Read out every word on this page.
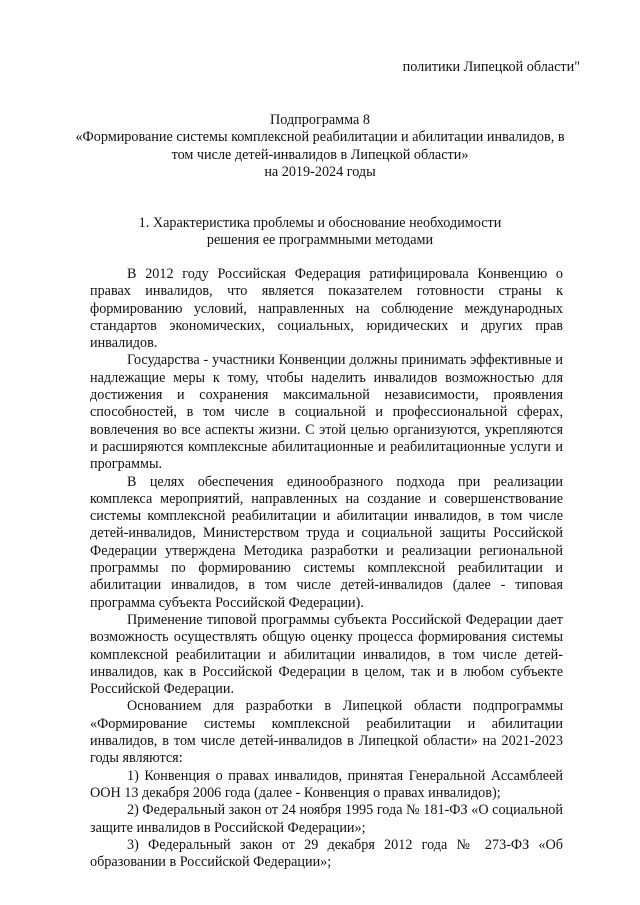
политики Липецкой области"

Подпрограмма 8

«Формирование системы комплексной реабилитации и абилитации инвалидов, в

том числе детей-инвалидов в Липецкой области»

на 2019-2024 годы

1. Характеристика проблемы и обоснование необходимости

решения ее программными методами

В 2012 году Российская Федерация ратифицировала Конвенцию о правах инвалидов, что является показателем готовности страны к формированию условий, направленных на соблюдение международных стандартов экономических, социальных, юридических и других прав инвалидов.

Государства - участники Конвенции должны принимать эффективные и надлежащие меры к тому, чтобы наделить инвалидов возможностью для достижения и сохранения максимальной независимости, проявления способностей, в том числе в социальной и профессиональной сферах, вовлечения во все аспекты жизни. С этой целью организуются, укрепляются и расширяются комплексные абилитационные и реабилитационные услуги и программы.

В целях обеспечения единообразного подхода при реализации комплекса мероприятий, направленных на создание и совершенствование системы комплексной реабилитации и абилитации инвалидов, в том числе детей-инвалидов, Министерством труда и социальной защиты Российской Федерации утверждена Методика разработки и реализации региональной программы по формированию системы комплексной реабилитации и абилитации инвалидов, в том числе детей-инвалидов (далее - типовая программа субъекта Российской Федерации).

Применение типовой программы субъекта Российской Федерации дает возможность осуществлять общую оценку процесса формирования системы комплексной реабилитации и абилитации инвалидов, в том числе детей-инвалидов, как в Российской Федерации в целом, так и в любом субъекте Российской Федерации.

Основанием для разработки в Липецкой области подпрограммы «Формирование системы комплексной реабилитации и абилитации инвалидов, в том числе детей-инвалидов в Липецкой области» на 2021-2023 годы являются:

1) Конвенция о правах инвалидов, принятая Генеральной Ассамблеей ООН 13 декабря 2006 года (далее - Конвенция о правах инвалидов);

2) Федеральный закон от 24 ноября 1995 года № 181-ФЗ «О социальной защите инвалидов в Российской Федерации»;

3) Федеральный закон от 29 декабря 2012 года № 273-ФЗ «Об образовании в Российской Федерации»;
